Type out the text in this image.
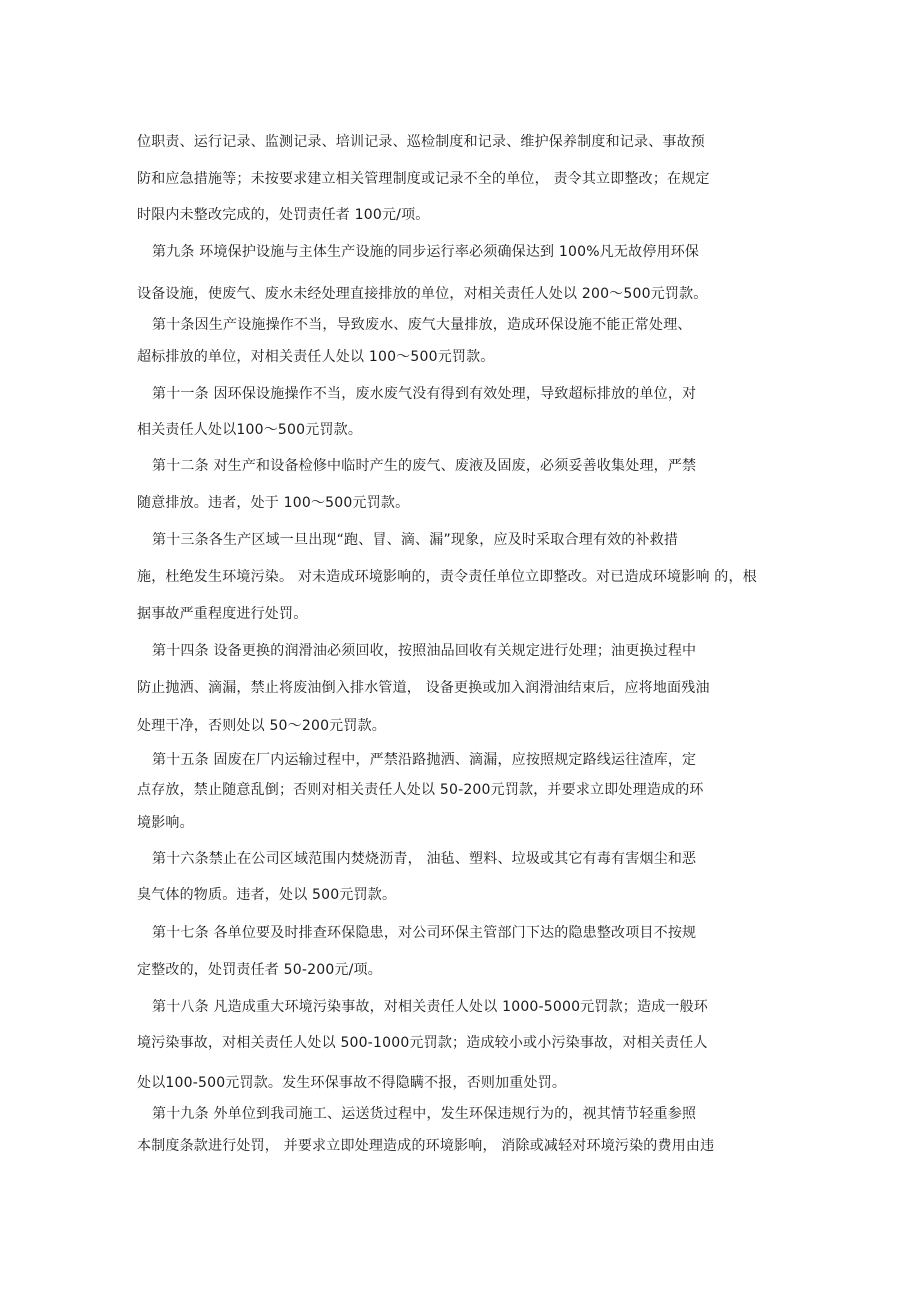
位职责、运行记录、监测记录、培训记录、巡检制度和记录、维护保养制度和记录、事故预
防和应急措施等；未按要求建立相关管理制度或记录不全的单位， 责令其立即整改；在规定
时限内未整改完成的，处罚责任者 100元/项。
第九条 环境保护设施与主体生产设施的同步运行率必须确保达到 100%凡无故停用环保
设备设施，使废气、废水未经处理直接排放的单位，对相关责任人处以 200～500元罚款。
第十条因生产设施操作不当，导致废水、废气大量排放，造成环保设施不能正常处理、
超标排放的单位，对相关责任人处以 100～500元罚款。
第十一条 因环保设施操作不当，废水废气没有得到有效处理，导致超标排放的单位，对
相关责任人处以100～500元罚款。
第十二条 对生产和设备检修中临时产生的废气、废液及固废，必须妥善收集处理，严禁
随意排放。违者，处于 100～500元罚款。
第十三条各生产区域一旦出现“跑、冒、滴、漏”现象，应及时采取合理有效的补救措
施，杜绝发生环境污染。 对未造成环境影响的，责令责任单位立即整改。对已造成环境影响 的，根
据事故严重程度进行处罚。
第十四条 设备更换的润滑油必须回收，按照油品回收有关规定进行处理；油更换过程中
防止抛洒、滴漏，禁止将废油倒入排水管道， 设备更换或加入润滑油结束后，应将地面残油
处理干净，否则处以 50～200元罚款。
第十五条 固废在厂内运输过程中，严禁沿路抛洒、滴漏，应按照规定路线运往渣库，定
点存放，禁止随意乱倒；否则对相关责任人处以 50-200元罚款，并要求立即处理造成的环
境影响。
第十六条禁止在公司区域范围内焚烧沥青， 油毡、塑料、垃圾或其它有毒有害烟尘和恶
臭气体的物质。违者，处以 500元罚款。
第十七条 各单位要及时排查环保隐患，对公司环保主管部门下达的隐患整改项目不按规
定整改的，处罚责任者 50-200元/项。
第十八条 凡造成重大环境污染事故，对相关责任人处以 1000-5000元罚款；造成一般环
境污染事故，对相关责任人处以 500-1000元罚款；造成较小或小污染事故，对相关责任人
处以100-500元罚款。发生环保事故不得隐瞒不报，否则加重处罚。
第十九条 外单位到我司施工、运送货过程中，发生环保违规行为的，视其情节轻重参照
本制度条款进行处罚， 并要求立即处理造成的环境影响， 消除或减轻对环境污染的费用由违
